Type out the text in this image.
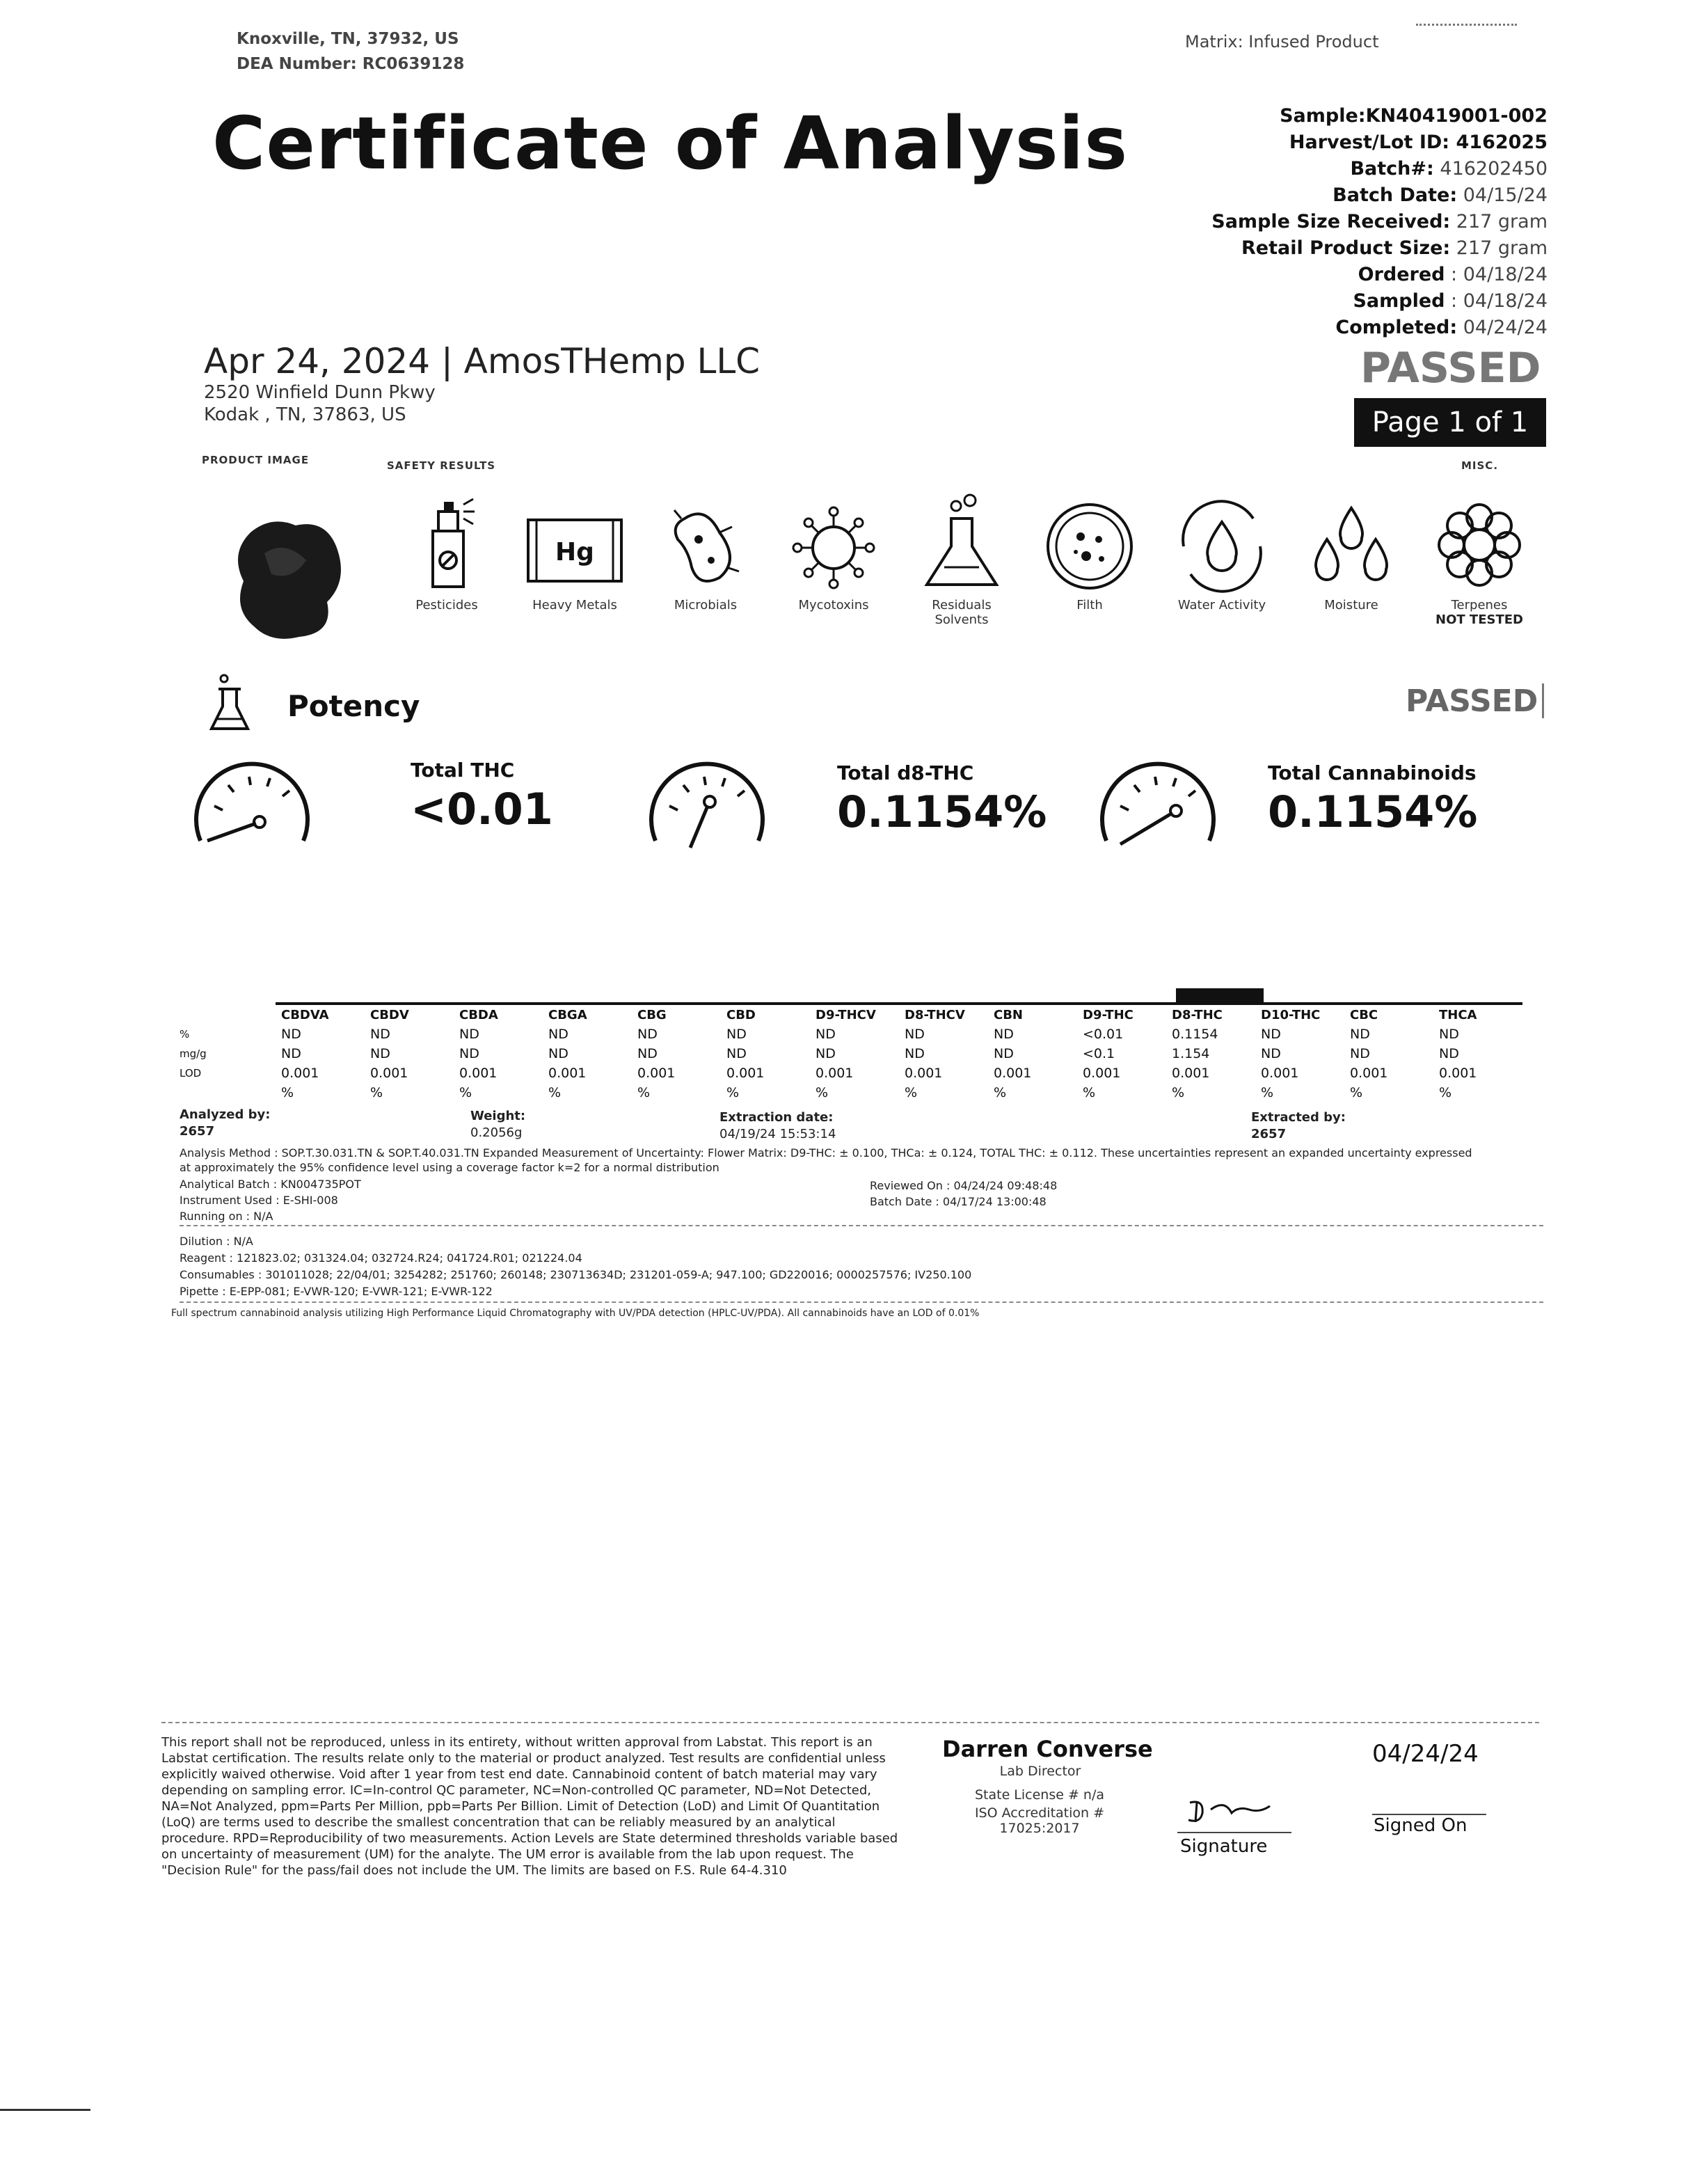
Knoxville, TN, 37932, US
DEA Number: RC0639128
Matrix: Infused Product
Certificate of Analysis	Sample:KN40419001-002
Harvest/Lot ID: 4162025
Batch#: 416202450
Batch Date: 04/15/24
Sample Size Received: 217 gram
Retail Product Size: 217 gram
Ordered : 04/18/24
Sampled : 04/18/24
Completed: 04/24/24
Apr 24, 2024 | AmosTHemp LLC
2520 Winfield Dunn Pkwy
Kodak , TN, 37863, US
PASSED
Page 1 of 1
PRODUCT IMAGE	SAFETY RESULTS	MISC.
Pesticides
Hg
Heavy Metals	Microbials	Mycotoxins	Residuals Solvents
Filth	Water Activity	Moisture	Terpenes
NOT TESTED
Potency	PASSED
Total THC
<0.01
Total d8-THC
0.1154%
Total Cannabinoids
0.1154%
	CBDVA	CBDV	CBDA	CBGA	CBG	CBD	D9-THCV	D8-THCV	CBN	D9-THC	D8-THC	D10-THC	CBC	THCA
%	ND	ND	ND	ND	ND	ND	ND	ND	ND	<0.01	0.1154	ND	ND	ND
mg/g	ND	ND	ND	ND	ND	ND	ND	ND	ND	<0.1	1.154	ND	ND	ND
LOD	0.001	0.001	0.001	0.001	0.001	0.001	0.001	0.001	0.001	0.001	0.001	0.001	0.001	0.001
	%	%	%	%	%	%	%	%	%	%	%	%	%	%
Analyzed by:
2657
Weight:
0.2056g
Extraction date:
04/19/24 15:53:14
Extracted by:
2657
Analysis Method : SOP.T.30.031.TN & SOP.T.40.031.TN Expanded Measurement of Uncertainty: Flower Matrix: D9-THC: ± 0.100, THCa: ± 0.124, TOTAL THC: ± 0.112. These uncertainties represent an expanded uncertainty expressed
at approximately the 95% confidence level using a coverage factor k=2 for a normal distribution
Analytical Batch : KN004735POT
Instrument Used : E-SHI-008
Running on : N/A
Reviewed On : 04/24/24 09:48:48
Batch Date : 04/17/24 13:00:48
Dilution : N/A
Reagent : 121823.02; 031324.04; 032724.R24; 041724.R01; 021224.04
Consumables : 301011028; 22/04/01; 3254282; 251760; 260148; 230713634D; 231201-059-A; 947.100; GD220016; 0000257576; IV250.100
Pipette : E-EPP-081; E-VWR-120; E-VWR-121; E-VWR-122
Full spectrum cannabinoid analysis utilizing High Performance Liquid Chromatography with UV/PDA detection (HPLC-UV/PDA). All cannabinoids have an LOD of 0.01%
This report shall not be reproduced, unless in its entirety, without written approval from Labstat. This report is an Labstat certification. The results relate only to the material or product analyzed. Test results are confidential unless explicitly waived otherwise. Void after 1 year from test end date. Cannabinoid content of batch material may vary depending on sampling error. IC=In-control QC parameter, NC=Non-controlled QC parameter, ND=Not Detected, NA=Not Analyzed, ppm=Parts Per Million, ppb=Parts Per Billion. Limit of Detection (LoD) and Limit Of Quantitation (LoQ) are terms used to describe the smallest concentration that can be reliably measured by an analytical procedure. RPD=Reproducibility of two measurements. Action Levels are State determined thresholds variable based on uncertainty of measurement (UM) for the analyte. The UM error is available from the lab upon request. The "Decision Rule" for the pass/fail does not include the UM. The limits are based on F.S. Rule 64-4.310
Darren Converse
Lab Director
State License # n/a
ISO Accreditation # 17025:2017
Signature
04/24/24
Signed On
